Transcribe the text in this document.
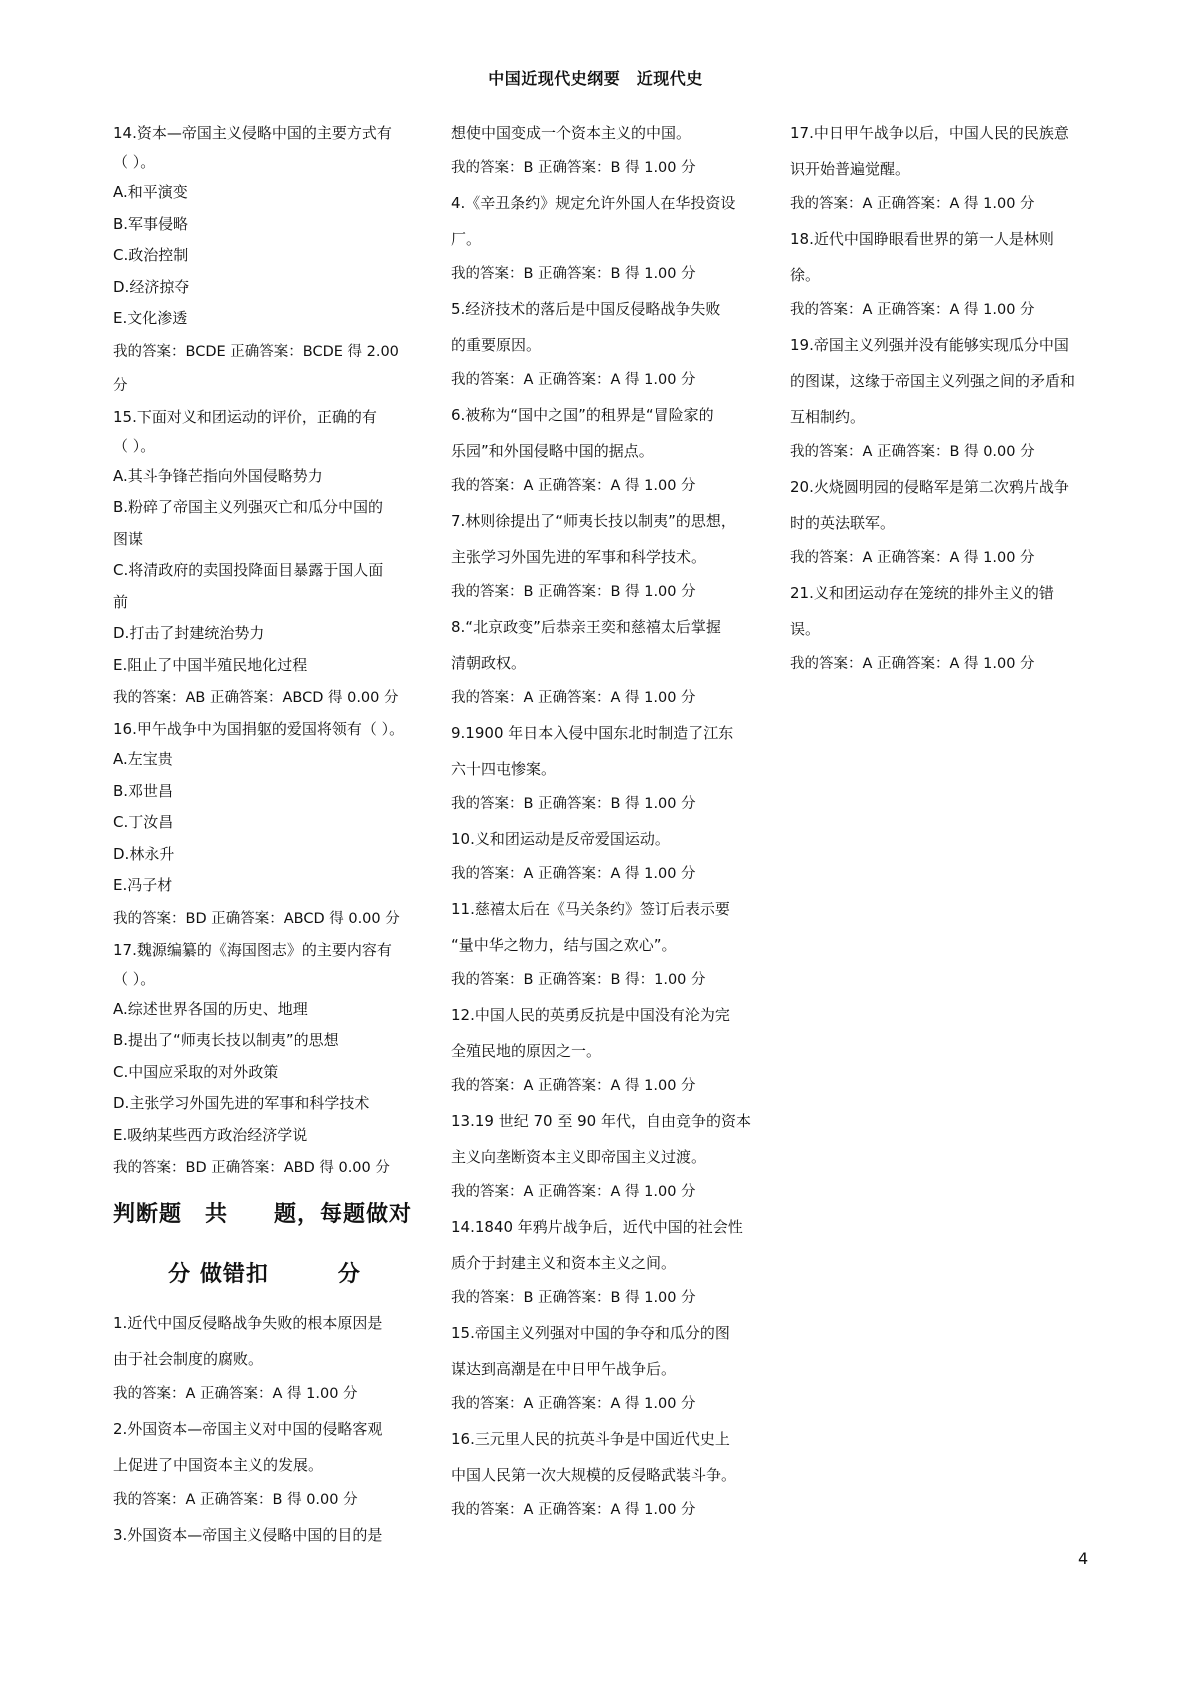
中国近现代史纲要　近现代史
14.资本—帝国主义侵略中国的主要方式有
（ ）。
A.和平演变
B.军事侵略
C.政治控制
D.经济掠夺
E.文化渗透
我的答案：BCDE 正确答案：BCDE 得 2.00
分
15.下面对义和团运动的评价，正确的有
（ ）。
A.其斗争锋芒指向外国侵略势力
B.粉碎了帝国主义列强灭亡和瓜分中国的
图谋
C.将清政府的卖国投降面目暴露于国人面
前
D.打击了封建统治势力
E.阻止了中国半殖民地化过程
我的答案：AB 正确答案：ABCD 得 0.00 分
16.甲午战争中为国捐躯的爱国将领有（ ）。
A.左宝贵
B.邓世昌
C.丁汝昌
D.林永升
E.冯子材
我的答案：BD 正确答案：ABCD 得 0.00 分
17.魏源编纂的《海国图志》的主要内容有
（ ）。
A.综述世界各国的历史、地理
B.提出了“师夷长技以制夷”的思想
C.中国应采取的对外政策
D.主张学习外国先进的军事和科学技术
E.吸纳某些西方政治经济学说
我的答案：BD 正确答案：ABD 得 0.00 分
判断题　共　　题，每题做对
分 做错扣　　　分
1.近代中国反侵略战争失败的根本原因是
由于社会制度的腐败。
我的答案：A 正确答案：A 得 1.00 分
2.外国资本—帝国主义对中国的侵略客观
上促进了中国资本主义的发展。
我的答案：A 正确答案：B 得 0.00 分
3.外国资本—帝国主义侵略中国的目的是
想使中国变成一个资本主义的中国。
我的答案：B 正确答案：B 得 1.00 分
4.《辛丑条约》规定允许外国人在华投资设
厂。
我的答案：B 正确答案：B 得 1.00 分
5.经济技术的落后是中国反侵略战争失败
的重要原因。
我的答案：A 正确答案：A 得 1.00 分
6.被称为“国中之国”的租界是“冒险家的
乐园”和外国侵略中国的据点。
我的答案：A 正确答案：A 得 1.00 分
7.林则徐提出了“师夷长技以制夷”的思想，
主张学习外国先进的军事和科学技术。
我的答案：B 正确答案：B 得 1.00 分
8.“北京政变”后恭亲王奕和慈禧太后掌握
清朝政权。
我的答案：A 正确答案：A 得 1.00 分
9.1900 年日本入侵中国东北时制造了江东
六十四屯惨案。
我的答案：B 正确答案：B 得 1.00 分
10.义和团运动是反帝爱国运动。
我的答案：A 正确答案：A 得 1.00 分
11.慈禧太后在《马关条约》签订后表示要
“量中华之物力，结与国之欢心”。
我的答案：B 正确答案：B 得：1.00 分
12.中国人民的英勇反抗是中国没有沦为完
全殖民地的原因之一。
我的答案：A 正确答案：A 得 1.00 分
13.19 世纪 70 至 90 年代，自由竞争的资本
主义向垄断资本主义即帝国主义过渡。
我的答案：A 正确答案：A 得 1.00 分
14.1840 年鸦片战争后，近代中国的社会性
质介于封建主义和资本主义之间。
我的答案：B 正确答案：B 得 1.00 分
15.帝国主义列强对中国的争夺和瓜分的图
谋达到高潮是在中日甲午战争后。
我的答案：A 正确答案：A 得 1.00 分
16.三元里人民的抗英斗争是中国近代史上
中国人民第一次大规模的反侵略武装斗争。
我的答案：A 正确答案：A 得 1.00 分
17.中日甲午战争以后，中国人民的民族意
识开始普遍觉醒。
我的答案：A 正确答案：A 得 1.00 分
18.近代中国睁眼看世界的第一人是林则
徐。
我的答案：A 正确答案：A 得 1.00 分
19.帝国主义列强并没有能够实现瓜分中国
的图谋，这缘于帝国主义列强之间的矛盾和
互相制约。
我的答案：A 正确答案：B 得 0.00 分
20.火烧圆明园的侵略军是第二次鸦片战争
时的英法联军。
我的答案：A 正确答案：A 得 1.00 分
21.义和团运动存在笼统的排外主义的错
误。
我的答案：A 正确答案：A 得 1.00 分
4
